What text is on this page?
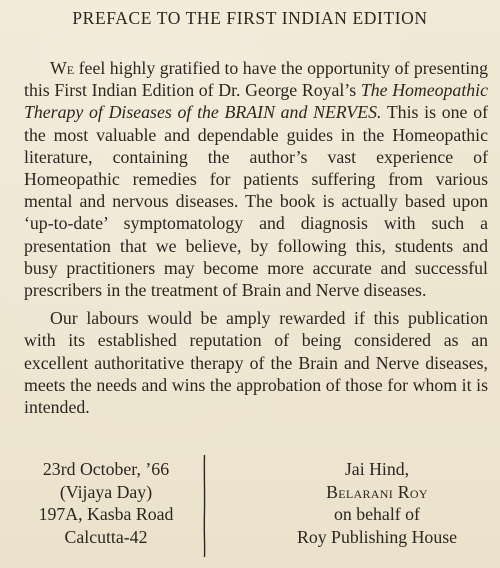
PREFACE TO THE FIRST INDIAN EDITION

We feel highly gratified to have the opportunity of presenting this First Indian Edition of Dr. George Royal’s The Homeopathic Therapy of Diseases of the BRAIN and NERVES. This is one of the most valuable and dependable guides in the Homeopathic literature, containing the author’s vast experience of Homeopathic remedies for patients suffering from various mental and nervous diseases. The book is actually based upon ‘up-to-date’ symptomatology and diagnosis with such a presentation that we believe, by following this, students and busy practitioners may become more accurate and successful prescribers in the treatment of Brain and Nerve diseases.

Our labours would be amply rewarded if this publication with its established reputation of being considered as an excellent authoritative therapy of the Brain and Nerve diseases, meets the needs and wins the approbation of those for whom it is intended.

23rd October, ’66
(Vijaya Day)
197A, Kasba Road
Calcutta-42
Jai Hind,
Belarani Roy
on behalf of
Roy Publishing House
